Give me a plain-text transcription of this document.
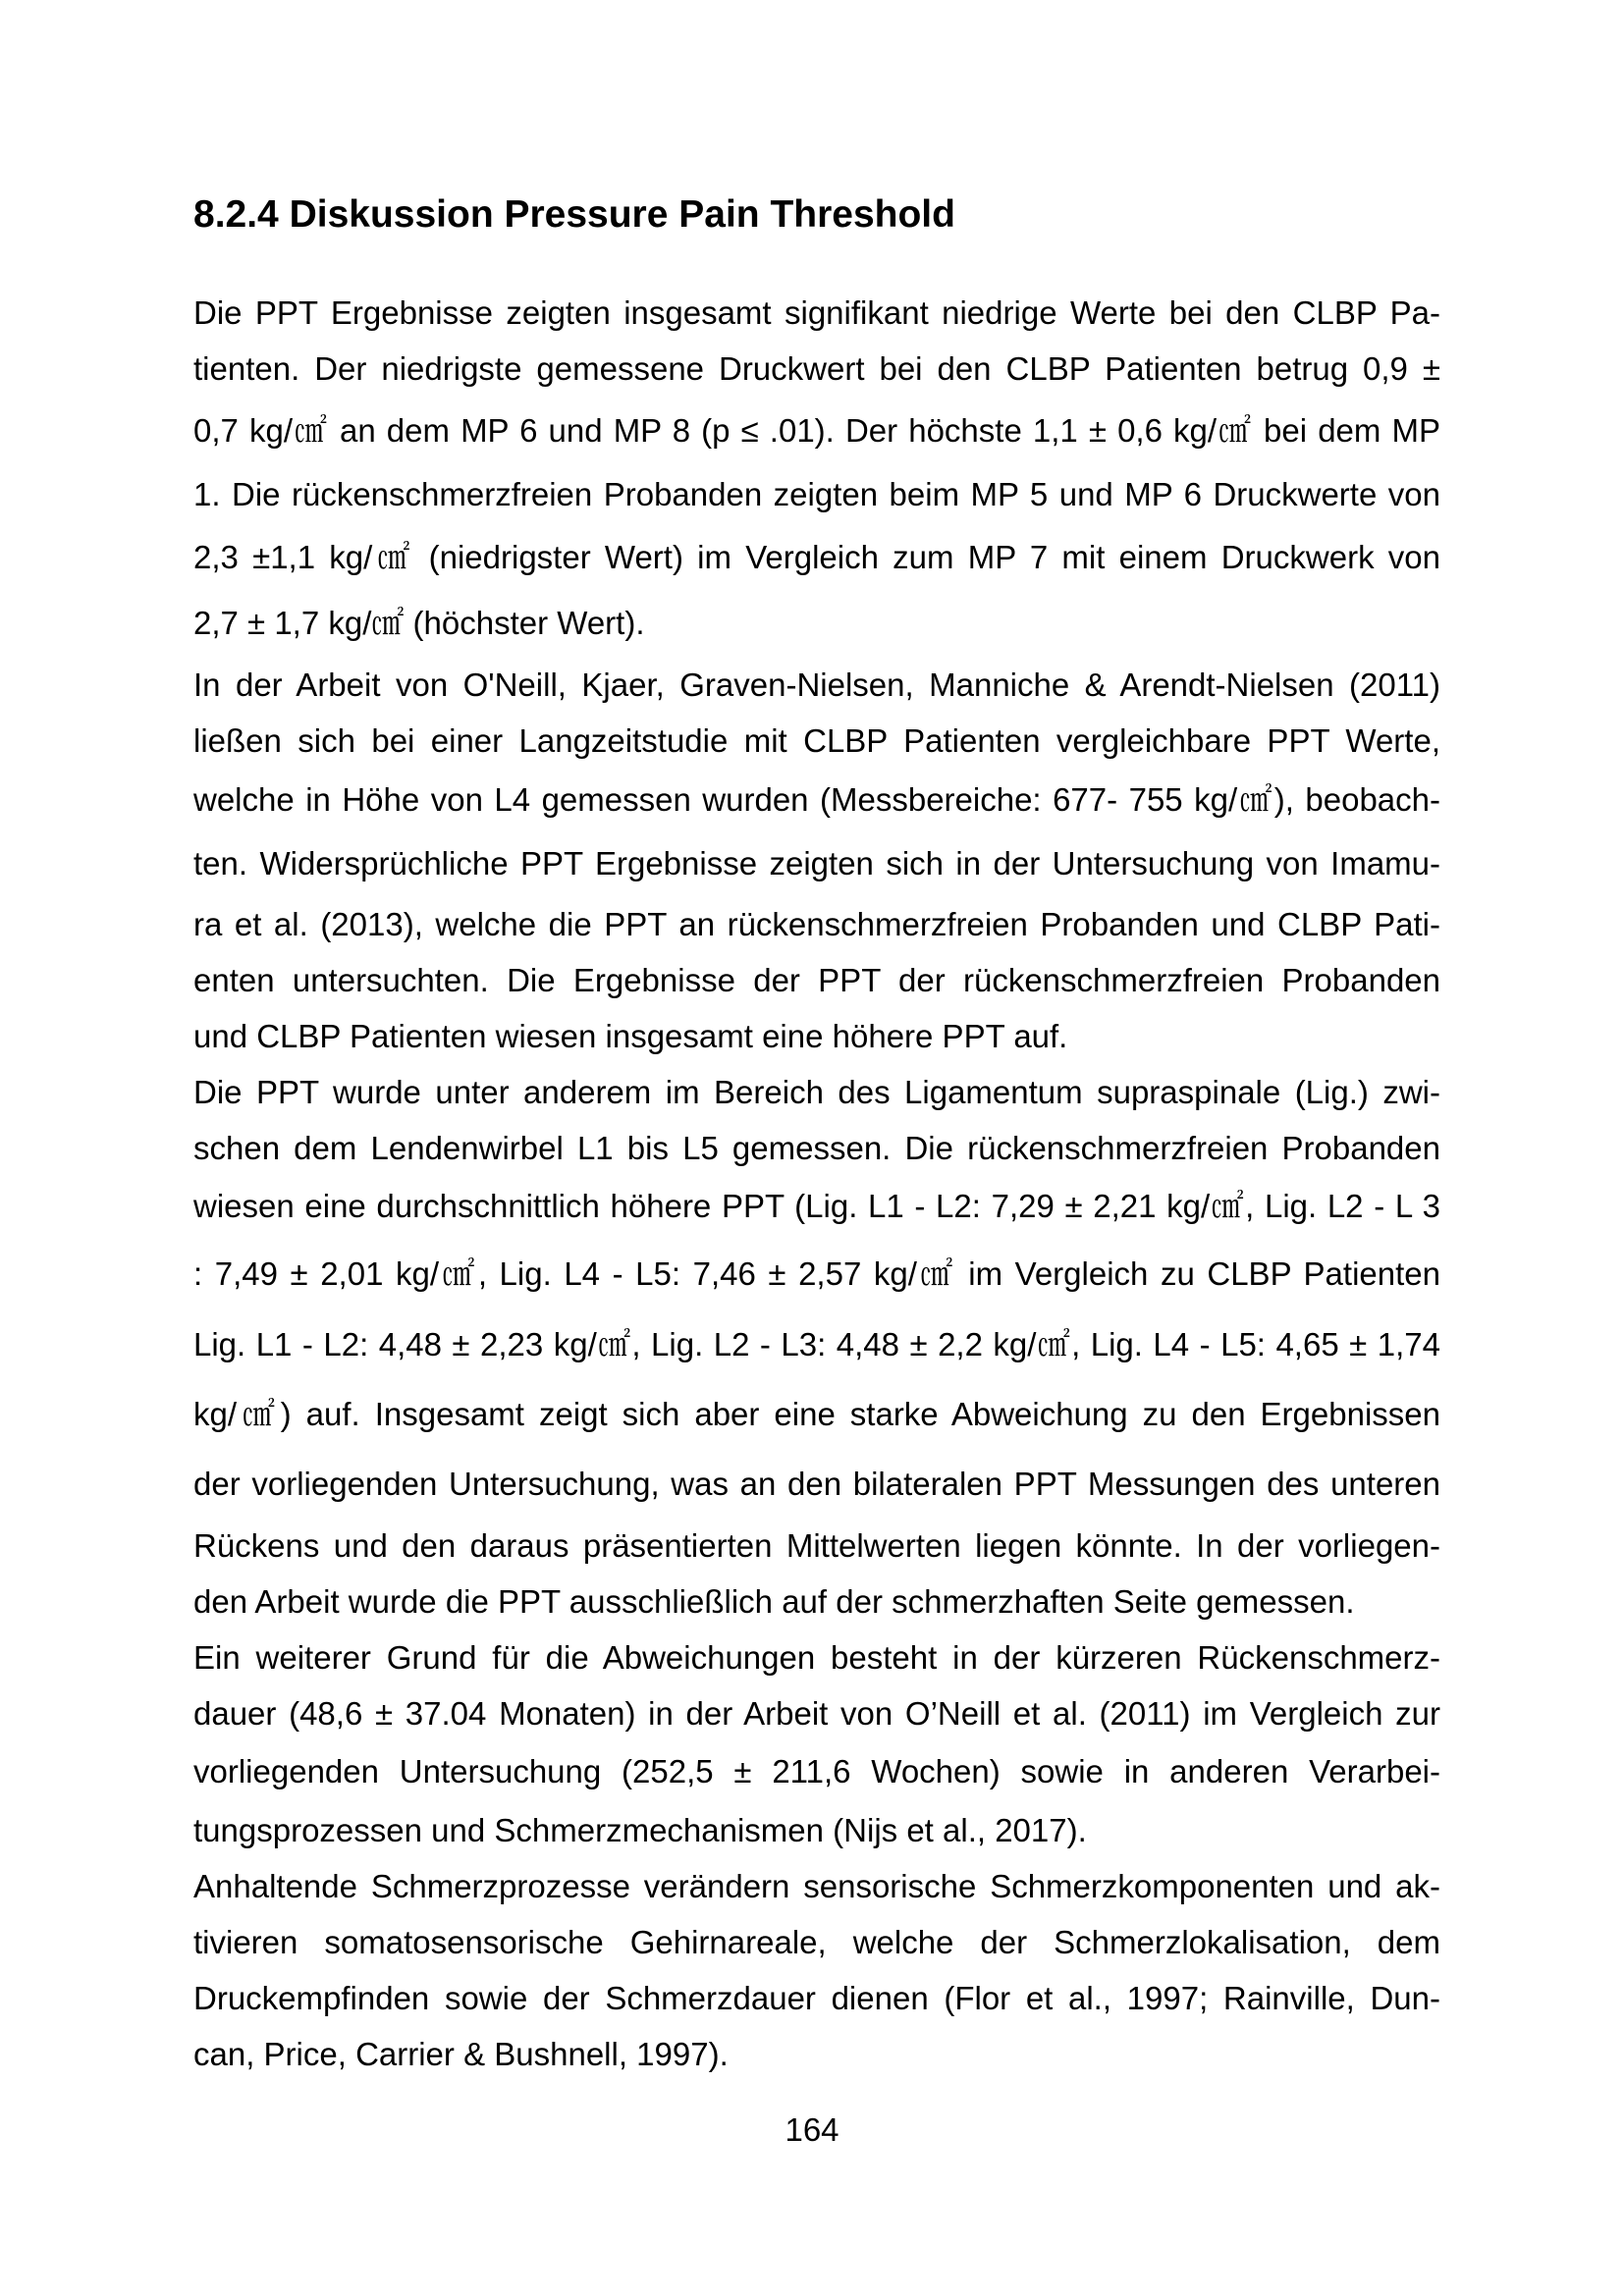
8.2.4 Diskussion Pressure Pain Threshold

Die PPT Ergebnisse zeigten insgesamt signifikant niedrige Werte bei den CLBP Pa-
tienten. Der niedrigste gemessene Druckwert bei den CLBP Patienten betrug 0,9 ±
0,7 kg/㎠ an dem MP 6 und MP 8 (p ≤ .01). Der höchste 1,1 ± 0,6 kg/㎠ bei dem MP
1. Die rückenschmerzfreien Probanden zeigten beim MP 5 und MP 6 Druckwerte von
2,3 ±1,1 kg/㎠ (niedrigster Wert) im Vergleich zum MP 7 mit einem Druckwerk von
2,7 ± 1,7 kg/㎠ (höchster Wert).

In der Arbeit von O'Neill, Kjaer, Graven-Nielsen, Manniche & Arendt-Nielsen (2011)
ließen sich bei einer Langzeitstudie mit CLBP Patienten vergleichbare PPT Werte,
welche in Höhe von L4 gemessen wurden (Messbereiche: 677- 755 kg/㎠), beobach-
ten. Widersprüchliche PPT Ergebnisse zeigten sich in der Untersuchung von Imamu-
ra et al. (2013), welche die PPT an rückenschmerzfreien Probanden und CLBP Pati-
enten untersuchten. Die Ergebnisse der PPT der rückenschmerzfreien Probanden
und CLBP Patienten wiesen insgesamt eine höhere PPT auf.

Die PPT wurde unter anderem im Bereich des Ligamentum supraspinale (Lig.) zwi-
schen dem Lendenwirbel L1 bis L5 gemessen. Die rückenschmerzfreien Probanden
wiesen eine durchschnittlich höhere PPT (Lig. L1 - L2: 7,29 ± 2,21 kg/㎠, Lig. L2 - L 3
: 7,49 ± 2,01 kg/㎠, Lig. L4 - L5: 7,46 ± 2,57 kg/㎠ im Vergleich zu CLBP Patienten
Lig. L1 - L2: 4,48 ± 2,23 kg/㎠, Lig. L2 - L3: 4,48 ± 2,2 kg/㎠, Lig. L4 - L5: 4,65 ± 1,74
kg/㎠) auf. Insgesamt zeigt sich aber eine starke Abweichung zu den Ergebnissen
der vorliegenden Untersuchung, was an den bilateralen PPT Messungen des unteren
Rückens und den daraus präsentierten Mittelwerten liegen könnte. In der vorliegen-
den Arbeit wurde die PPT ausschließlich auf der schmerzhaften Seite gemessen.

Ein weiterer Grund für die Abweichungen besteht in der kürzeren Rückenschmerz-
dauer (48,6 ± 37.04 Monaten) in der Arbeit von O’Neill et al. (2011) im Vergleich zur
vorliegenden Untersuchung (252,5 ± 211,6 Wochen) sowie in anderen Verarbei-
tungsprozessen und Schmerzmechanismen (Nijs et al., 2017).

Anhaltende Schmerzprozesse verändern sensorische Schmerzkomponenten und ak-
tivieren somatosensorische Gehirnareale, welche der Schmerzlokalisation, dem
Druckempfinden sowie der Schmerzdauer dienen (Flor et al., 1997; Rainville, Dun-
can, Price, Carrier & Bushnell, 1997).

164
